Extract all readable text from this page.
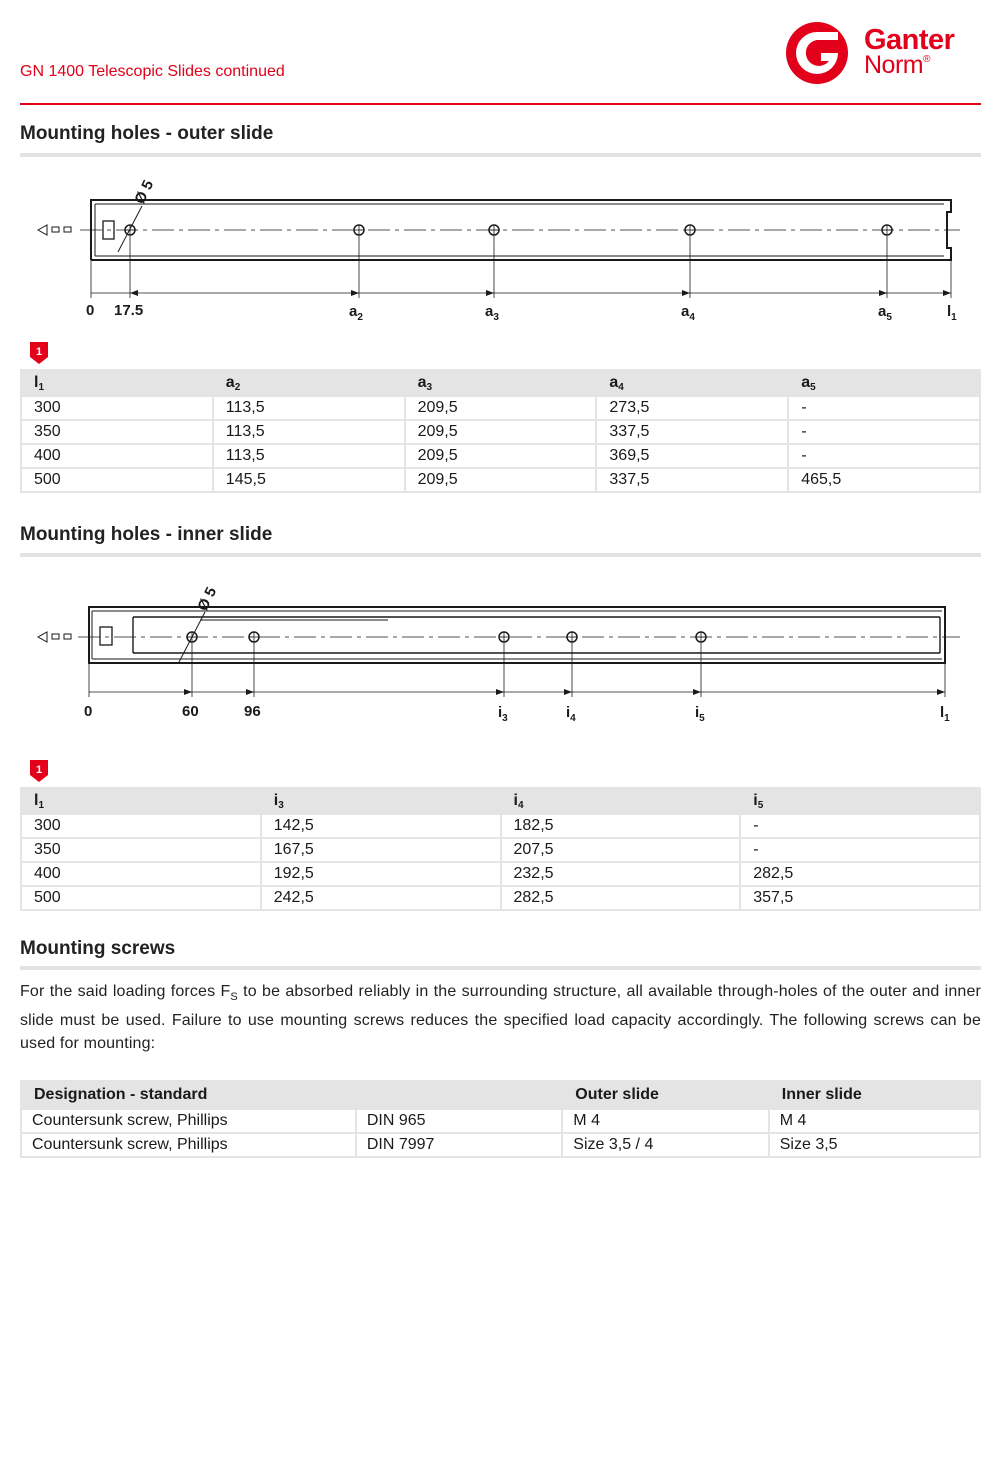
GN 1400 Telescopic Slides continued
Ganter
Norm®
Mounting holes - outer slide
Ø 5
0 17.5	$a_2$	$a_3$	$a_4$	$a_5$	$l_1$
1
$l_1$	$a_2$	$a_3$	$a_4$	$a_5$
300	113,5	209,5	273,5	-
350	113,5	209,5	337,5	-
400	113,5	209,5	369,5	-
500	145,5	209,5	337,5	465,5
Mounting holes - inner slide
Ø 5
0	60	96	$i_3$	$i_4$	$i_5$	$l_1$
1
$l_1$	$i_3$	$i_4$	$i_5$
300	142,5	182,5	-
350	167,5	207,5	-
400	192,5	232,5	282,5
500	242,5	282,5	357,5
Mounting screws
For the said loading forces $F_S$ to be absorbed reliably in the surrounding structure, all available through-holes of the outer and inner slide must be used. Failure to use mounting screws reduces the specified load capacity accordingly. The following screws can be used for mounting:
Designation - standard		Outer slide	Inner slide
Countersunk screw, Phillips	DIN 965	M 4	M 4
Countersunk screw, Phillips	DIN 7997	Size 3,5 / 4	Size 3,5
